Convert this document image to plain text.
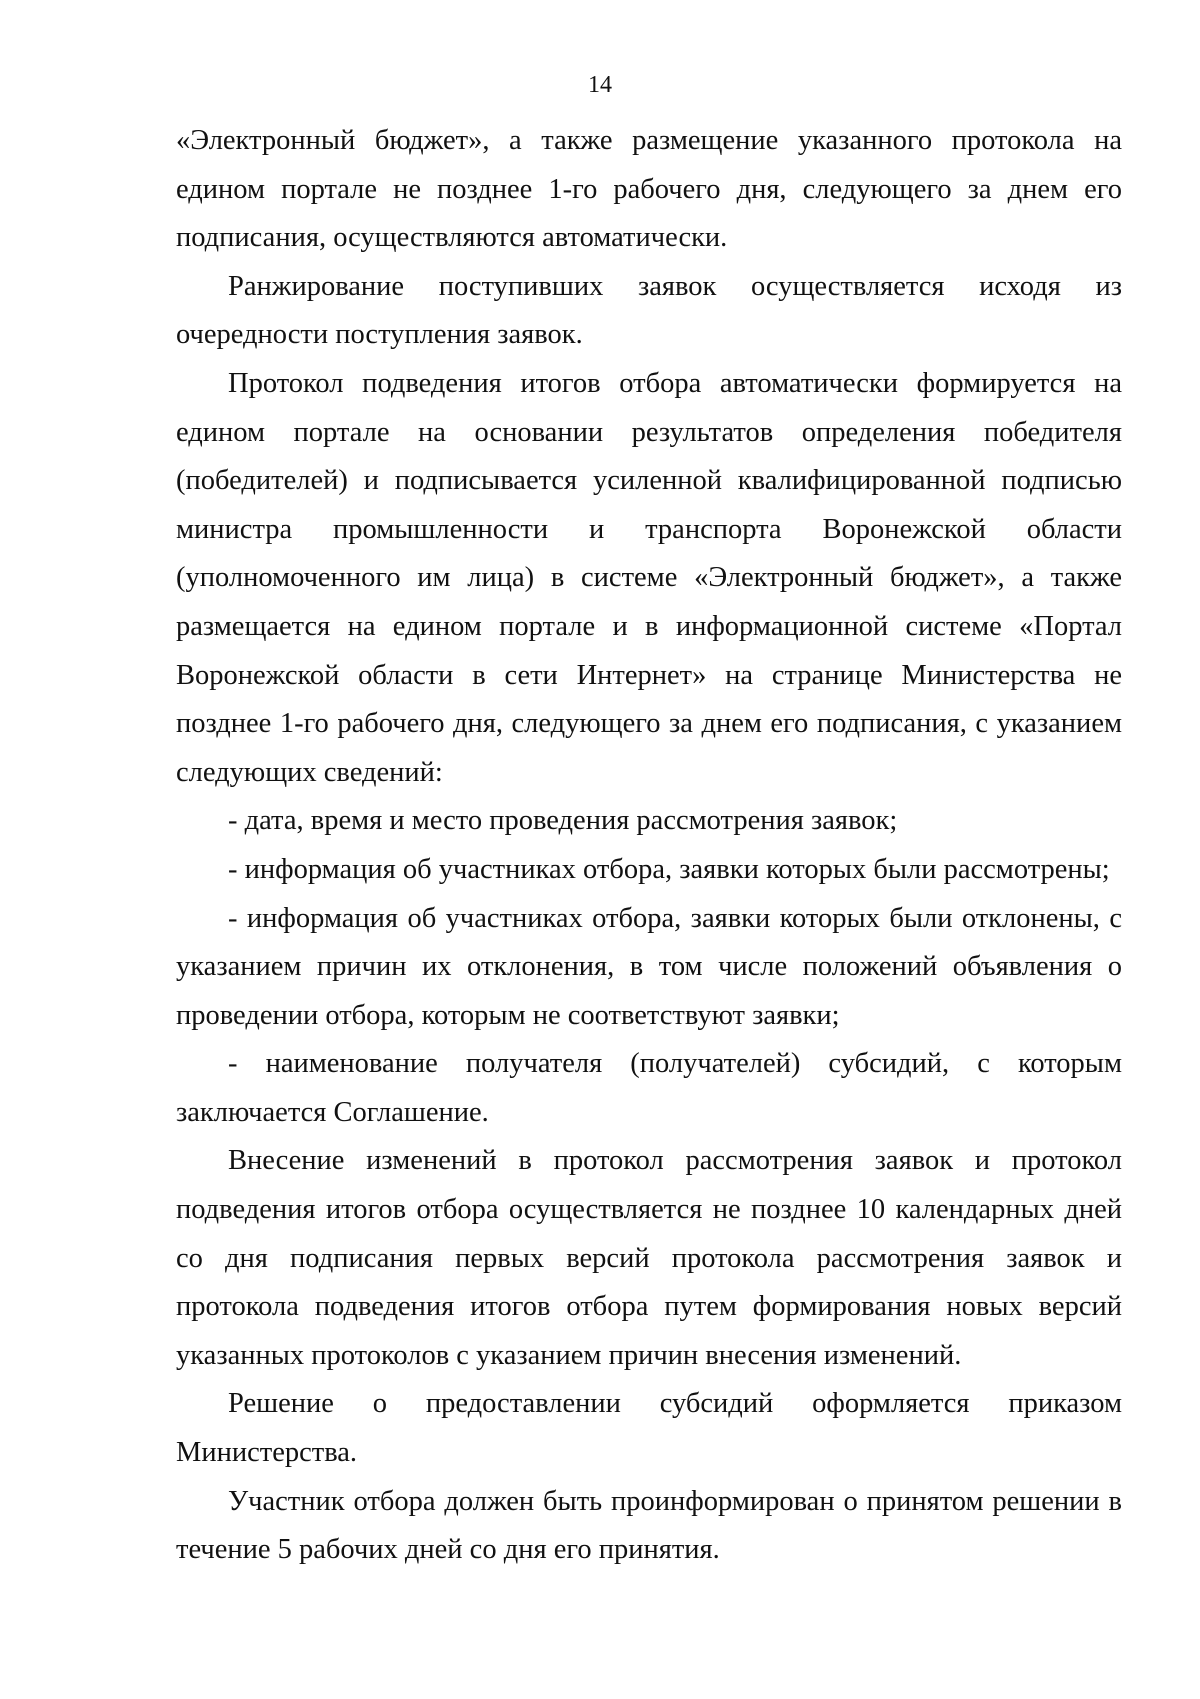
14

«Электронный бюджет», а также размещение указанного протокола на едином портале не позднее 1-го рабочего дня, следующего за днем его подписания, осуществляются автоматически.

Ранжирование поступивших заявок осуществляется исходя из очередности поступления заявок.

Протокол подведения итогов отбора автоматически формируется на едином портале на основании результатов определения победителя (победителей) и подписывается усиленной квалифицированной подписью министра промышленности и транспорта Воронежской области (уполномоченного им лица) в системе «Электронный бюджет», а также размещается на едином портале и в информационной системе «Портал Воронежской области в сети Интернет» на странице Министерства не позднее 1-го рабочего дня, следующего за днем его подписания, с указанием следующих сведений:

- дата, время и место проведения рассмотрения заявок;

- информация об участниках отбора, заявки которых были рассмотрены;

- информация об участниках отбора, заявки которых были отклонены, с указанием причин их отклонения, в том числе положений объявления о проведении отбора, которым не соответствуют заявки;

- наименование получателя (получателей) субсидий, с которым заключается Соглашение.

Внесение изменений в протокол рассмотрения заявок и протокол подведения итогов отбора осуществляется не позднее 10 календарных дней со дня подписания первых версий протокола рассмотрения заявок и протокола подведения итогов отбора путем формирования новых версий указанных протоколов с указанием причин внесения изменений.

Решение о предоставлении субсидий оформляется приказом Министерства.

Участник отбора должен быть проинформирован о принятом решении в течение 5 рабочих дней со дня его принятия.
